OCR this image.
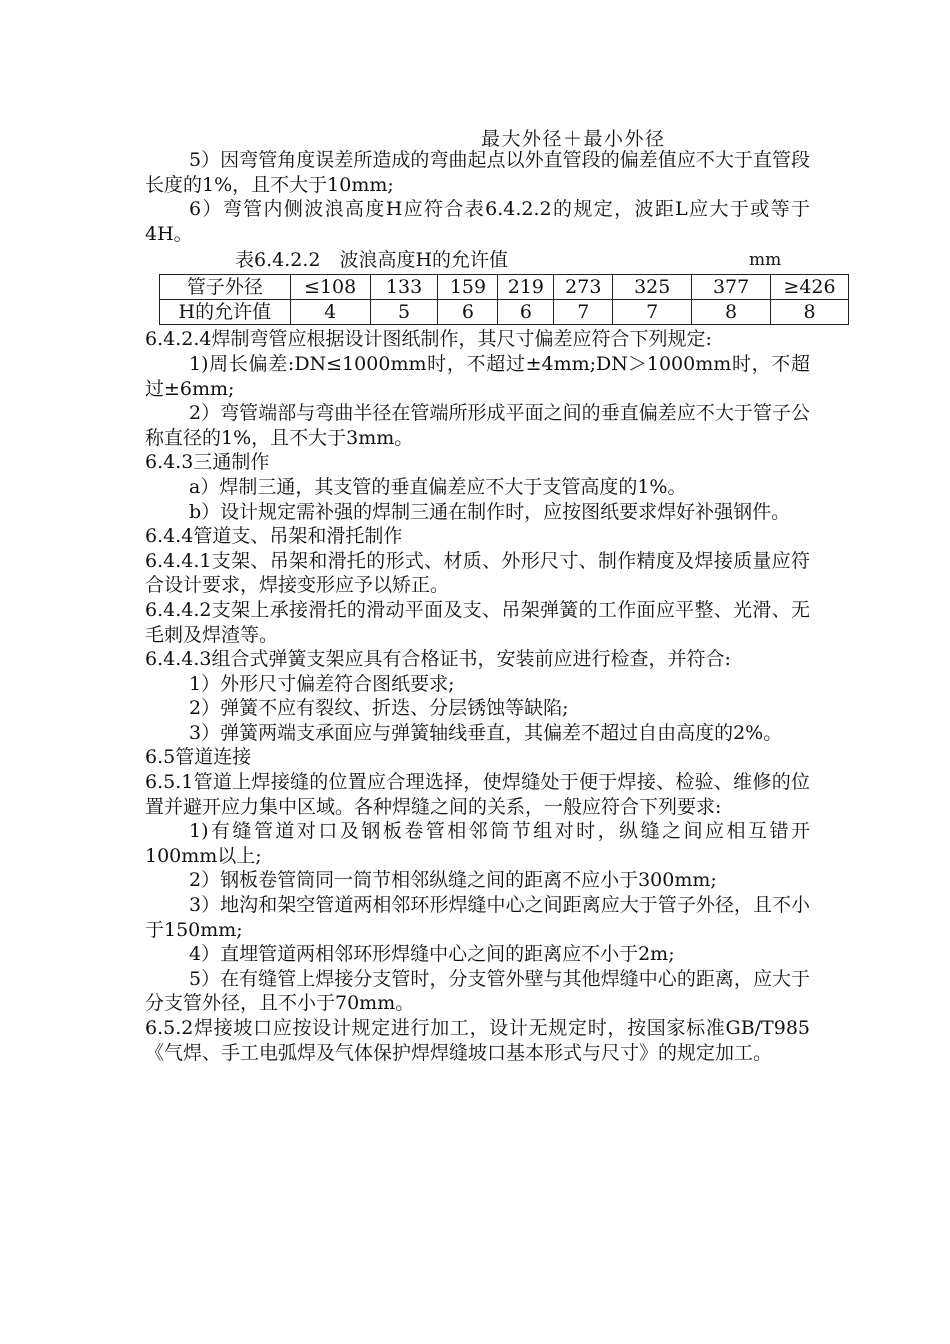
最大外径＋最小外径

5）因弯管角度误差所造成的弯曲起点以外直管段的偏差值应不大于直管段长度的1%，且不大于10mm;

6）弯管内侧波浪高度H应符合表6.4.2.2的规定，波距L应大于或等于4H。

表6.4.2.2　波浪高度H的允许值	mm
管子外径	≤108	133	159	219	273	325	377	≥426
H的允许值	4	5	6	6	7	7	8	8

6.4.2.4焊制弯管应根据设计图纸制作，其尺寸偏差应符合下列规定:

1)周长偏差:DN≤1000mm时，不超过±4mm;DN＞1000mm时，不超过±6mm;

2）弯管端部与弯曲半径在管端所形成平面之间的垂直偏差应不大于管子公称直径的1%，且不大于3mm。

6.4.3三通制作

a）焊制三通，其支管的垂直偏差应不大于支管高度的1%。

b）设计规定需补强的焊制三通在制作时，应按图纸要求焊好补强钢件。

6.4.4管道支、吊架和滑托制作

6.4.4.1支架、吊架和滑托的形式、材质、外形尺寸、制作精度及焊接质量应符合设计要求，焊接变形应予以矫正。

6.4.4.2支架上承接滑托的滑动平面及支、吊架弹簧的工作面应平整、光滑、无毛刺及焊渣等。

6.4.4.3组合式弹簧支架应具有合格证书，安装前应进行检查，并符合:

1）外形尺寸偏差符合图纸要求;

2）弹簧不应有裂纹、折迭、分层锈蚀等缺陷;

3）弹簧两端支承面应与弹簧轴线垂直，其偏差不超过自由高度的2%。

6.5管道连接

6.5.1管道上焊接缝的位置应合理选择，使焊缝处于便于焊接、检验、维修的位置并避开应力集中区域。各种焊缝之间的关系，一般应符合下列要求:

1)有缝管道对口及钢板卷管相邻筒节组对时，纵缝之间应相互错开100mm以上;

2）钢板卷管筒同一筒节相邻纵缝之间的距离不应小于300mm;

3）地沟和架空管道两相邻环形焊缝中心之间距离应大于管子外径，且不小于150mm;

4）直埋管道两相邻环形焊缝中心之间的距离应不小于2m;

5）在有缝管上焊接分支管时，分支管外壁与其他焊缝中心的距离，应大于分支管外径，且不小于70mm。

6.5.2焊接坡口应按设计规定进行加工，设计无规定时，按国家标准GB/T985《气焊、手工电弧焊及气体保护焊焊缝坡口基本形式与尺寸》的规定加工。
